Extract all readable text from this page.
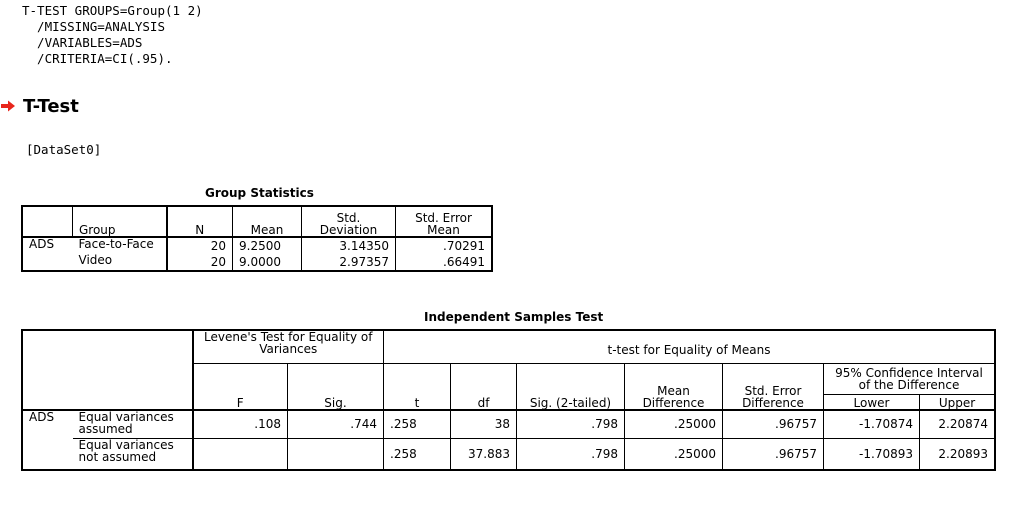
T-TEST GROUPS=Group(1 2)
/MISSING=ANALYSIS
/VARIABLES=ADS
/CRITERIA=CI(.95).
T-Test
[DataSet0]
Group Statistics
	Group	N	Mean	Std. Deviation	Std. Error Mean
ADS	Face-to-Face	20	9.2500	3.14350	.70291
	Video	20	9.0000	2.97357	.66491
Independent Samples Test
		Levene's Test for Equality of Variances		t-test for Equality of Means						
		F	Sig.	t	df	Sig. (2-tailed)	Mean Difference	Std. Error Difference	95% Confidence Interval of the Difference	
									Lower	Upper
ADS	Equal variances assumed	.108	.744	.258	38	.798	.25000	.96757	-1.70874	2.20874
	Equal variances not assumed			.258	37.883	.798	.25000	.96757	-1.70893	2.20893
